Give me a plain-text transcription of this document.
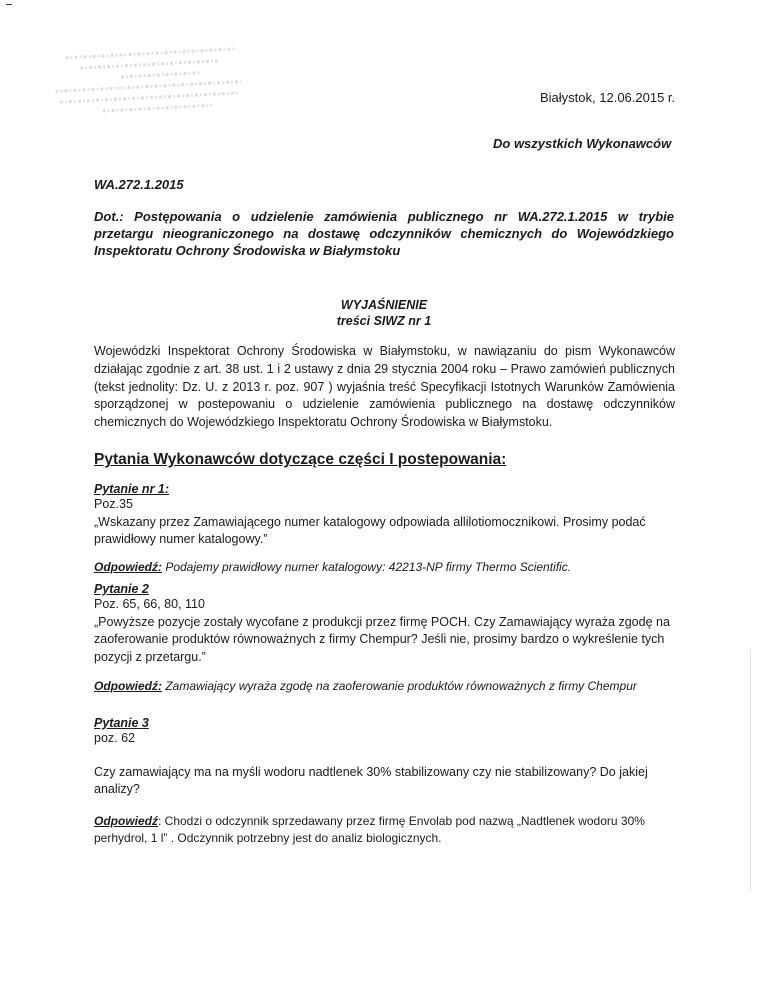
Białystok, 12.06.2015 r.
Do wszystkich Wykonawców
WA.272.1.2015
Dot.: Postępowania o udzielenie zamówienia publicznego nr WA.272.1.2015 w trybie przetargu nieograniczonego na dostawę odczynników chemicznych do Wojewódzkiego Inspektoratu Ochrony Środowiska w Białymstoku
WYJAŚNIENIE
treści SIWZ nr 1
Wojewódzki Inspektorat Ochrony Środowiska w Białymstoku, w nawiązaniu do pism Wykonawców działając zgodnie z art. 38 ust. 1 i 2 ustawy z dnia 29 stycznia 2004 roku – Prawo zamówień publicznych (tekst jednolity: Dz. U. z 2013 r. poz. 907 ) wyjaśnia treść Specyfikacji Istotnych Warunków Zamówienia sporządzonej w postepowaniu o udzielenie zamówienia publicznego na dostawę odczynników chemicznych do Wojewódzkiego Inspektoratu Ochrony Środowiska w Białymstoku.
Pytania Wykonawców dotyczące części I postepowania:
Pytanie nr 1:
Poz.35
„Wskazany przez Zamawiającego numer katalogowy odpowiada allilotiomocznikowi. Prosimy podać prawidłowy numer katalogowy.”
Odpowiedź: Podajemy prawidłowy numer katalogowy: 42213-NP firmy Thermo Scientific.
Pytanie 2
Poz. 65, 66, 80, 110
„Powyższe pozycje zostały wycofane z produkcji przez firmę POCH. Czy Zamawiający wyraża zgodę na zaoferowanie produktów równoważnych z firmy Chempur? Jeśli nie, prosimy bardzo o wykreślenie tych pozycji z przetargu.”
Odpowiedź: Zamawiający wyraża zgodę na zaoferowanie produktów równoważnych z firmy Chempur
Pytanie 3
poz. 62
Czy zamawiający ma na myśli wodoru nadtlenek 30% stabilizowany czy nie stabilizowany? Do jakiej analizy?
Odpowiedź: Chodzi o odczynnik sprzedawany przez firmę Envolab pod nazwą „Nadtlenek wodoru 30% perhydrol, 1 l” . Odczynnik potrzebny jest do analiz biologicznych.
